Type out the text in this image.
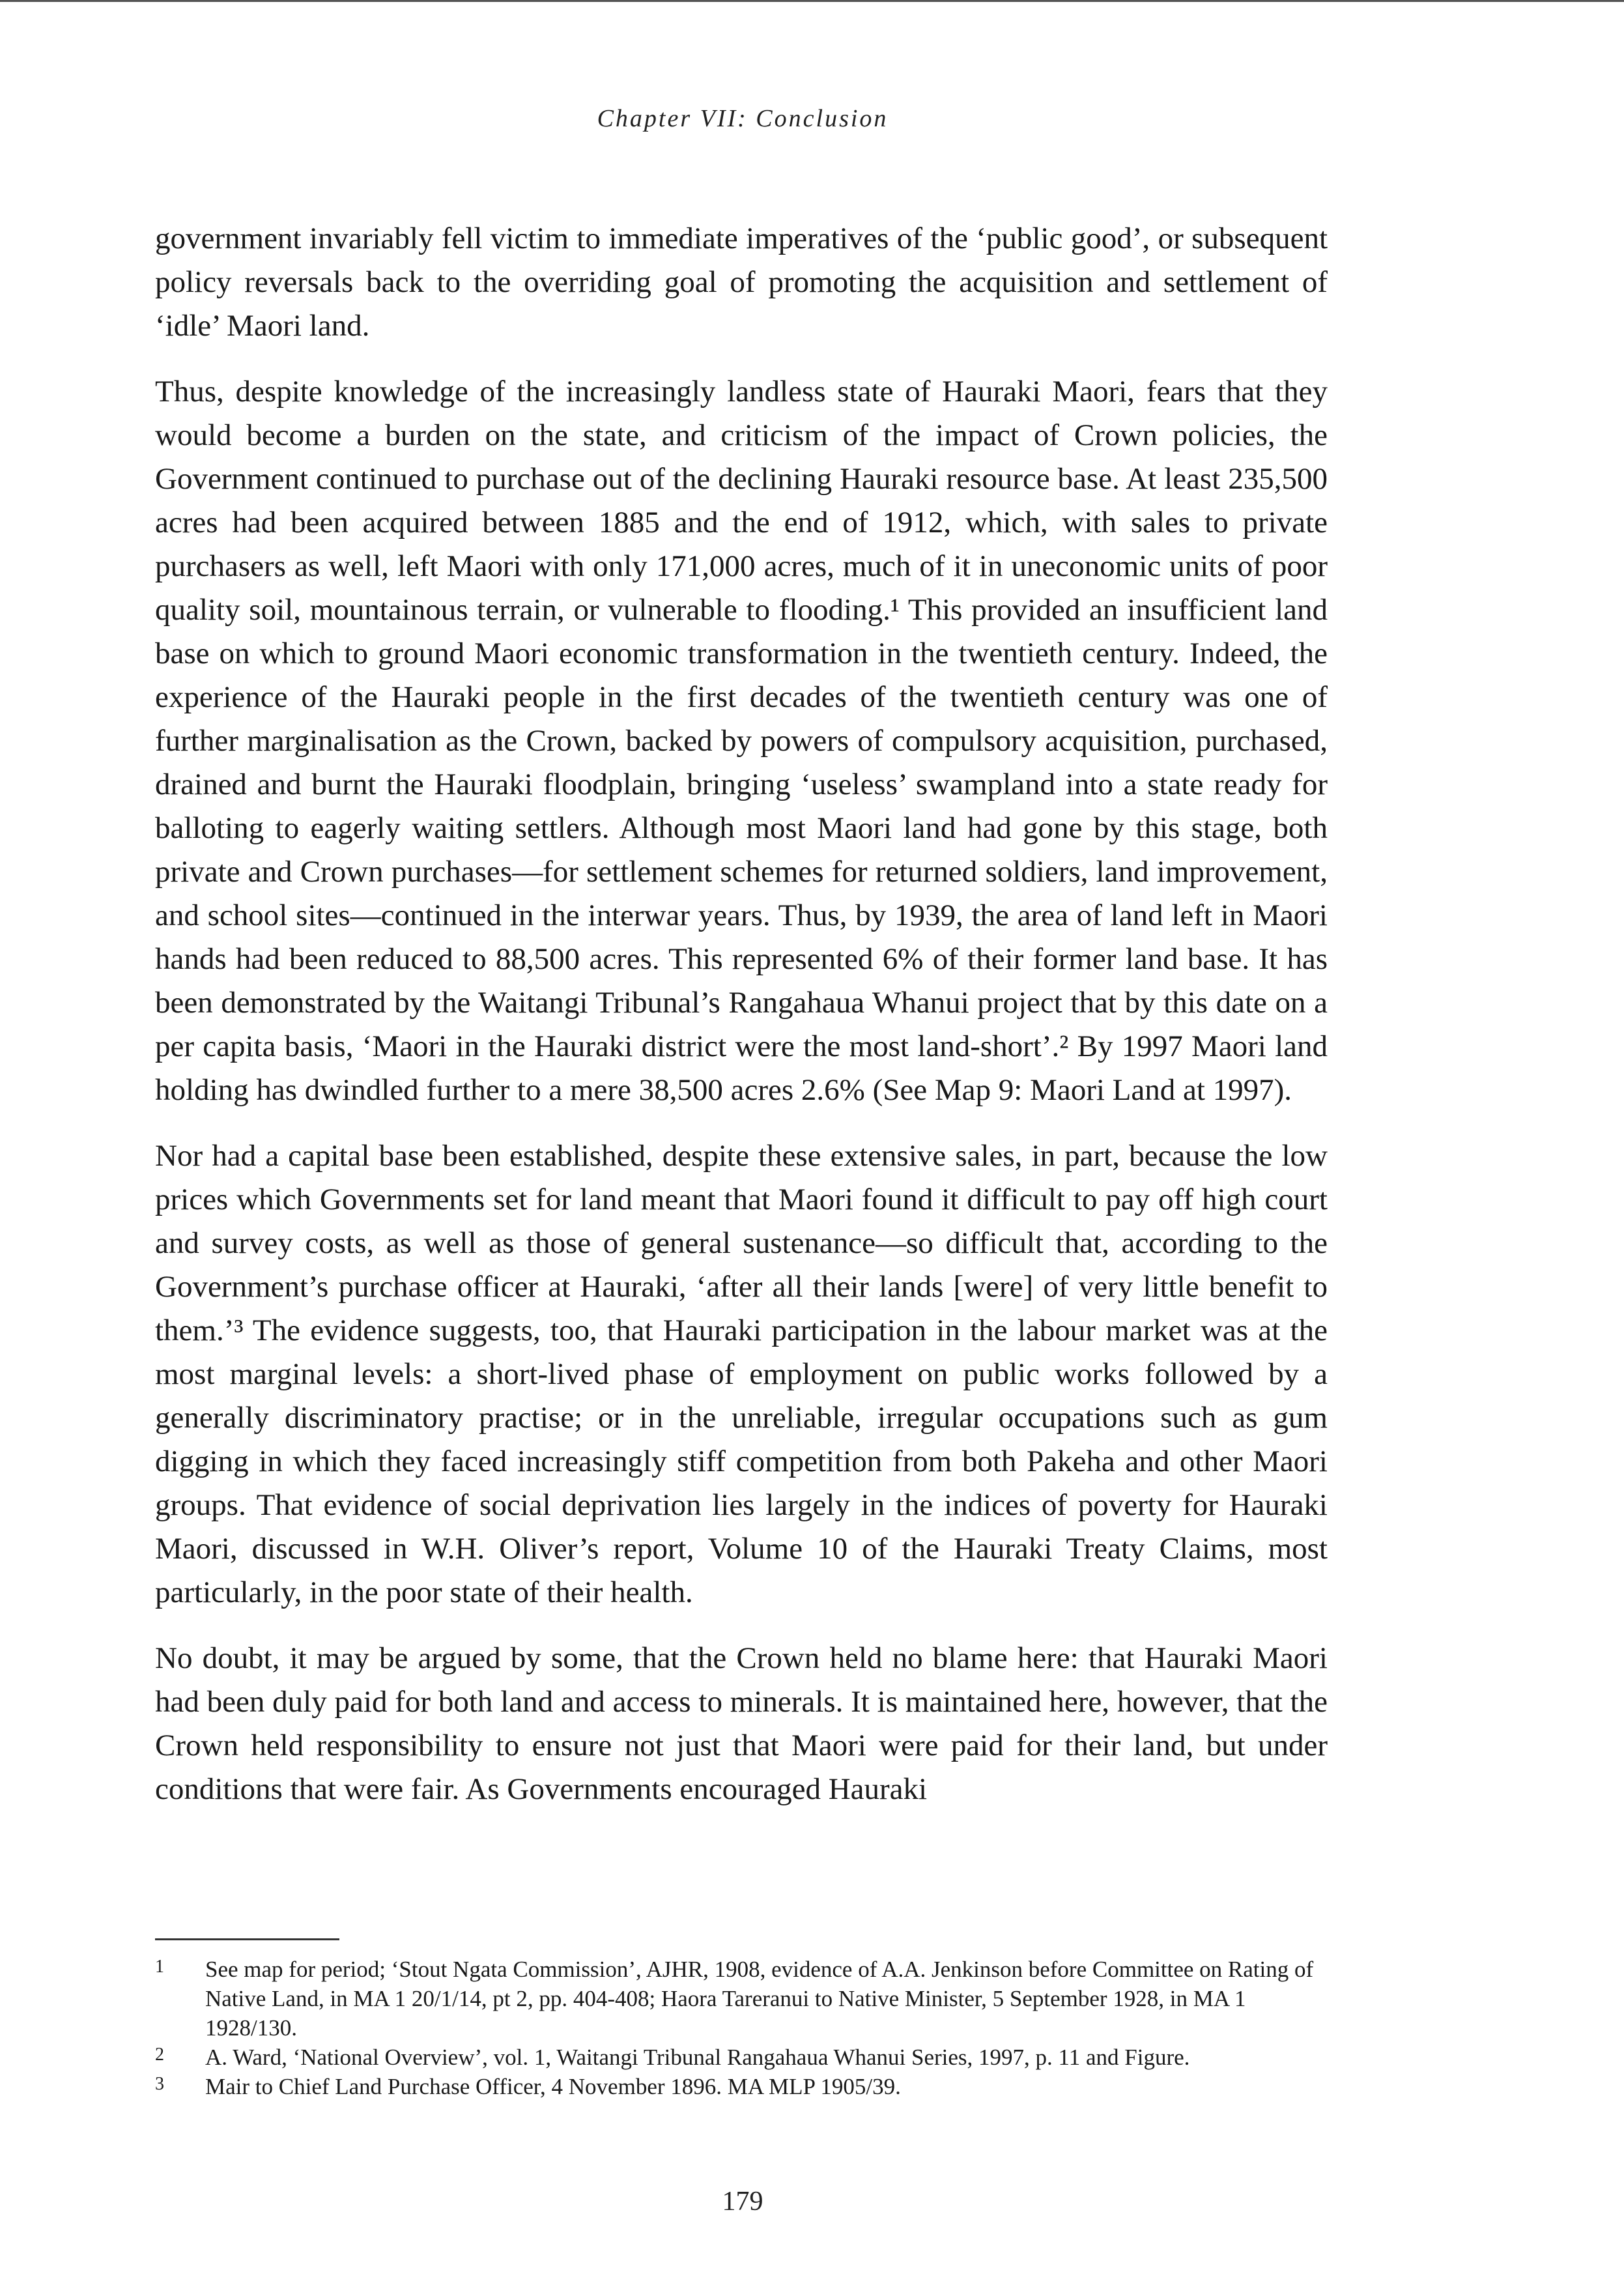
Chapter VII: Conclusion

government invariably fell victim to immediate imperatives of the ‘public good’, or subsequent policy reversals back to the overriding goal of promoting the acquisition and settlement of ‘idle’ Maori land.

Thus, despite knowledge of the increasingly landless state of Hauraki Maori, fears that they would become a burden on the state, and criticism of the impact of Crown policies, the Government continued to purchase out of the declining Hauraki resource base. At least 235,500 acres had been acquired between 1885 and the end of 1912, which, with sales to private purchasers as well, left Maori with only 171,000 acres, much of it in uneconomic units of poor quality soil, mountainous terrain, or vulnerable to flooding.¹ This provided an insufficient land base on which to ground Maori economic transformation in the twentieth century. Indeed, the experience of the Hauraki people in the first decades of the twentieth century was one of further marginalisation as the Crown, backed by powers of compulsory acquisition, purchased, drained and burnt the Hauraki floodplain, bringing ‘useless’ swampland into a state ready for balloting to eagerly waiting settlers. Although most Maori land had gone by this stage, both private and Crown purchases—for settlement schemes for returned soldiers, land improvement, and school sites—continued in the interwar years. Thus, by 1939, the area of land left in Maori hands had been reduced to 88,500 acres. This represented 6% of their former land base. It has been demonstrated by the Waitangi Tribunal’s Rangahaua Whanui project that by this date on a per capita basis, ‘Maori in the Hauraki district were the most land-short’.² By 1997 Maori land holding has dwindled further to a mere 38,500 acres 2.6% (See Map 9: Maori Land at 1997).

Nor had a capital base been established, despite these extensive sales, in part, because the low prices which Governments set for land meant that Maori found it difficult to pay off high court and survey costs, as well as those of general sustenance—so difficult that, according to the Government’s purchase officer at Hauraki, ‘after all their lands [were] of very little benefit to them.’³ The evidence suggests, too, that Hauraki participation in the labour market was at the most marginal levels: a short-lived phase of employment on public works followed by a generally discriminatory practise; or in the unreliable, irregular occupations such as gum digging in which they faced increasingly stiff competition from both Pakeha and other Maori groups. That evidence of social deprivation lies largely in the indices of poverty for Hauraki Maori, discussed in W.H. Oliver’s report, Volume 10 of the Hauraki Treaty Claims, most particularly, in the poor state of their health.

No doubt, it may be argued by some, that the Crown held no blame here: that Hauraki Maori had been duly paid for both land and access to minerals. It is maintained here, however, that the Crown held responsibility to ensure not just that Maori were paid for their land, but under conditions that were fair. As Governments encouraged Hauraki

1	See map for period; ‘Stout Ngata Commission’, AJHR, 1908, evidence of A.A. Jenkinson before Committee on Rating of Native Land, in MA 1 20/1/14, pt 2, pp. 404-408; Haora Tareranui to Native Minister, 5 September 1928, in MA 1 1928/130.
2	A. Ward, ‘National Overview’, vol. 1, Waitangi Tribunal Rangahaua Whanui Series, 1997, p. 11 and Figure.
3	Mair to Chief Land Purchase Officer, 4 November 1896. MA MLP 1905/39.
179
